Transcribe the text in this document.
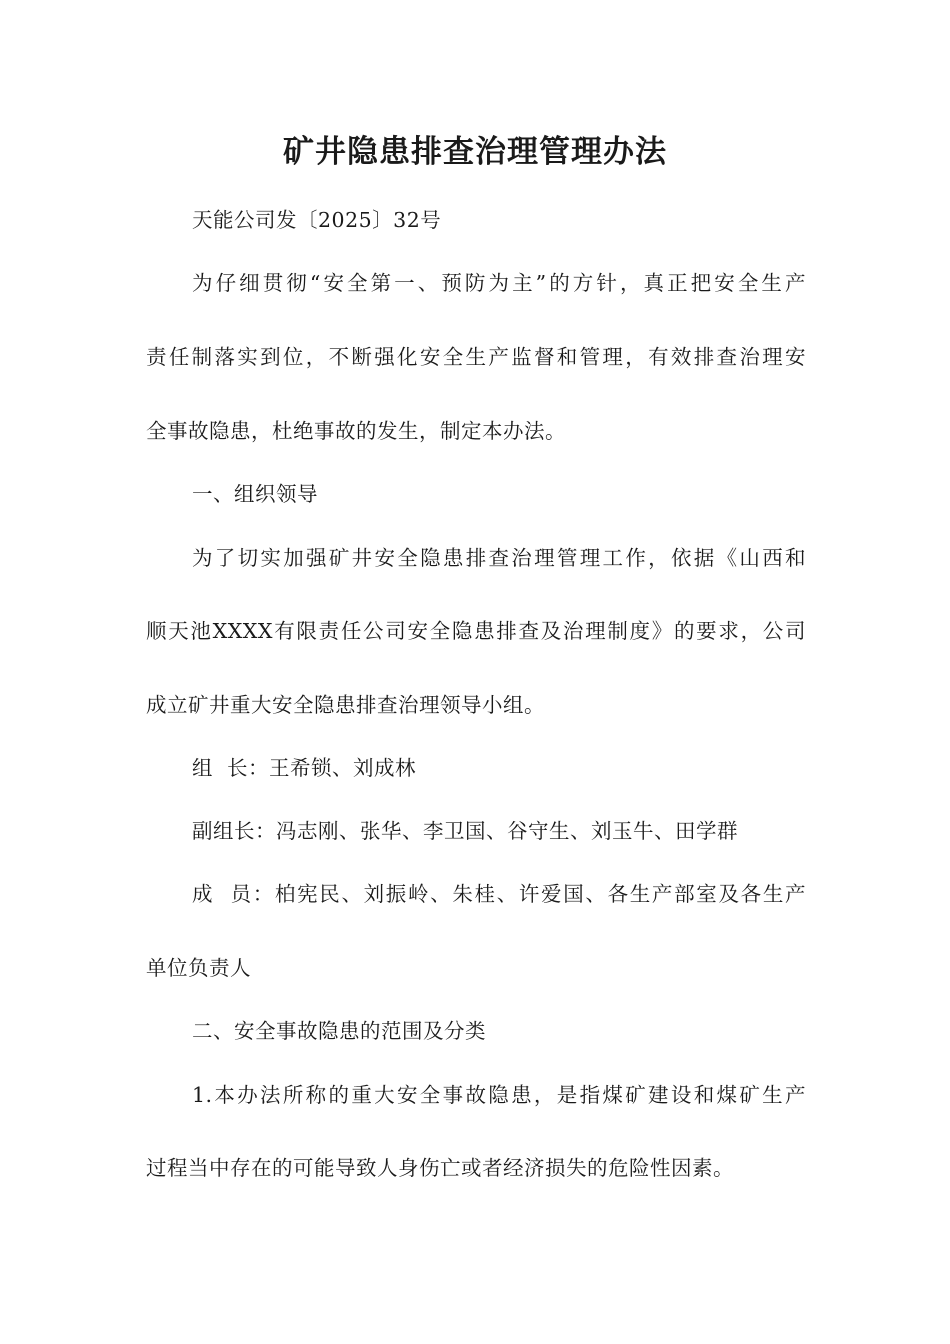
矿井隐患排查治理管理办法
天能公司发〔2025〕32号
为仔细贯彻“安全第一、预防为主”的方针，真正把安全生产
责任制落实到位，不断强化安全生产监督和管理，有效排查治理安
全事故隐患，杜绝事故的发生，制定本办法。
一、组织领导
为了切实加强矿井安全隐患排查治理管理工作，依据《山西和
顺天池XXXX有限责任公司安全隐患排查及治理制度》的要求，公司
成立矿井重大安全隐患排查治理领导小组。
组  长：王希锁、刘成林
副组长：冯志刚、张华、李卫国、谷守生、刘玉牛、田学群
成  员：柏宪民、刘振岭、朱桂、许爱国、各生产部室及各生产
单位负责人
二、安全事故隐患的范围及分类
1.本办法所称的重大安全事故隐患，是指煤矿建设和煤矿生产
过程当中存在的可能导致人身伤亡或者经济损失的危险性因素。
